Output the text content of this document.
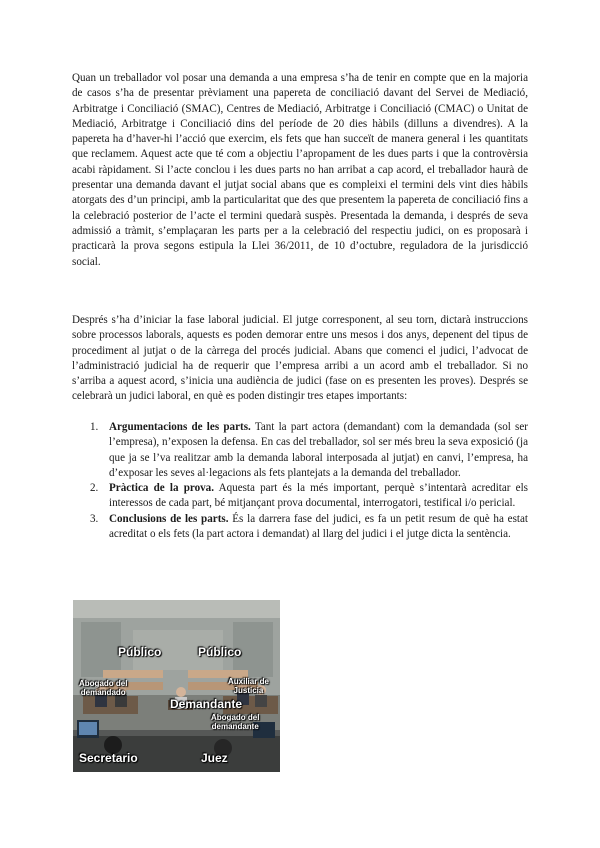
Quan un treballador vol posar una demanda a una empresa s’ha de tenir en compte que en la majoria de casos s’ha de presentar prèviament una papereta de conciliació davant del Servei de Mediació, Arbitratge i Conciliació (SMAC), Centres de Mediació, Arbitratge i Conciliació (CMAC) o Unitat de Mediació, Arbitratge i Conciliació dins del període de 20 dies hàbils (dilluns a divendres). A la papereta ha d’haver-hi l’acció que exercim, els fets que han succeït de manera general i les quantitats que reclamem. Aquest acte que té com a objectiu l’apropament de les dues parts i que la controvèrsia acabi ràpidament. Si l’acte conclou i les dues parts no han arribat a cap acord, el treballador haurà de presentar una demanda davant el jutjat social abans que es compleixi el termini dels vint dies hàbils atorgats des d’un principi, amb la particularitat que des que presentem la papereta de conciliació fins a la celebració posterior de l’acte el termini quedarà suspès. Presentada la demanda, i després de seva admissió a tràmit, s’emplaçaran les parts per a la celebració del respectiu judici, on es proposarà i practicarà la prova segons estipula la Llei 36/2011, de 10 d’octubre, reguladora de la jurisdicció social.

Després s’ha d’iniciar la fase laboral judicial. El jutge corresponent, al seu torn, dictarà instruccions sobre processos laborals, aquests es poden demorar entre uns mesos i dos anys, depenent del tipus de procediment al jutjat o de la càrrega del procés judicial. Abans que comenci el judici, l’advocat de l’administració judicial ha de requerir que l’empresa arribi a un acord amb el treballador. Si no s’arriba a aquest acord, s’inicia una audiència de judici (fase on es presenten les proves). Després se celebrarà un judici laboral, en què es poden distingir tres etapes importants:

1. Argumentacions de les parts. Tant la part actora (demandant) com la demandada (sol ser l’empresa), n’exposen la defensa. En cas del treballador, sol ser més breu la seva exposició (ja que ja se l’va realitzar amb la demanda laboral interposada al jutjat) en canvi, l’empresa, ha d’exposar les seves al·legacions als fets plantejats a la demanda del treballador.
2. Pràctica de la prova. Aquesta part és la més important, perquè s’intentarà acreditar els interessos de cada part, bé mitjançant prova documental, interrogatori, testifical i/o pericial.
3. Conclusions de les parts. És la darrera fase del judici, es fa un petit resum de què ha estat acreditat o els fets (la part actora i demandat) al llarg del judici i el jutge dicta la sentència.
Público	Público
Abogado del
demandado
Auxiliar de
Justicia
Demandante
Abogado del
demandante
Secretario	Juez
